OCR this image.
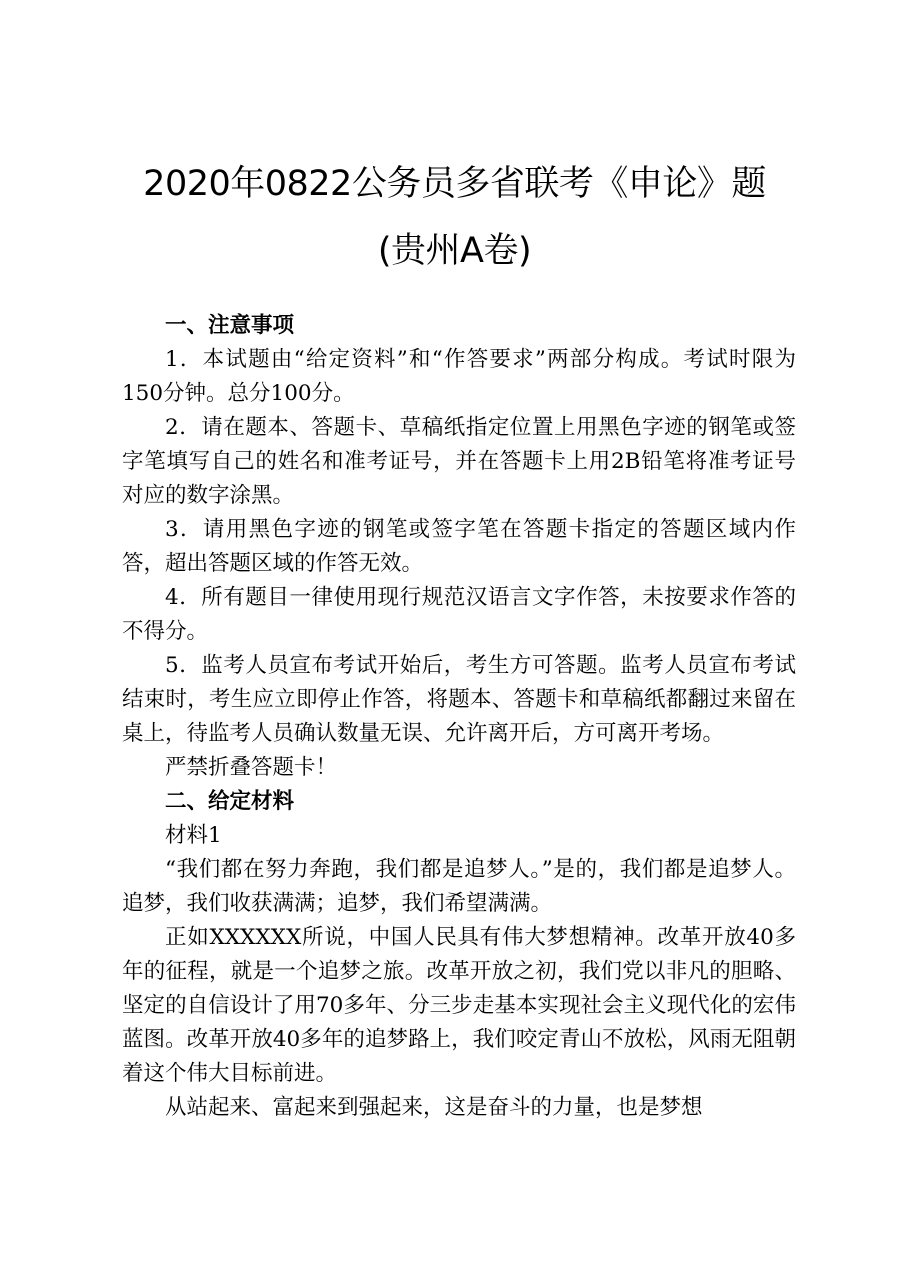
2020年0822公务员多省联考《申论》题
(贵州A卷)
一、注意事项

1．本试题由“给定资料”和“作答要求”两部分构成。考试时限为150分钟。总分100分。

2．请在题本、答题卡、草稿纸指定位置上用黑色字迹的钢笔或签字笔填写自己的姓名和准考证号，并在答题卡上用2B铅笔将准考证号对应的数字涂黑。

3．请用黑色字迹的钢笔或签字笔在答题卡指定的答题区域内作答，超出答题区域的作答无效。

4．所有题目一律使用现行规范汉语言文字作答，未按要求作答的不得分。

5．监考人员宣布考试开始后，考生方可答题。监考人员宣布考试结束时，考生应立即停止作答，将题本、答题卡和草稿纸都翻过来留在桌上，待监考人员确认数量无误、允许离开后，方可离开考场。

严禁折叠答题卡！

二、给定材料

材料1

“我们都在努力奔跑，我们都是追梦人。”是的，我们都是追梦人。追梦，我们收获满满；追梦，我们希望满满。

正如XXXXXX所说，中国人民具有伟大梦想精神。改革开放40多年的征程，就是一个追梦之旅。改革开放之初，我们党以非凡的胆略、坚定的自信设计了用70多年、分三步走基本实现社会主义现代化的宏伟蓝图。改革开放40多年的追梦路上，我们咬定青山不放松，风雨无阻朝着这个伟大目标前进。

从站起来、富起来到强起来，这是奋斗的力量，也是梦想
